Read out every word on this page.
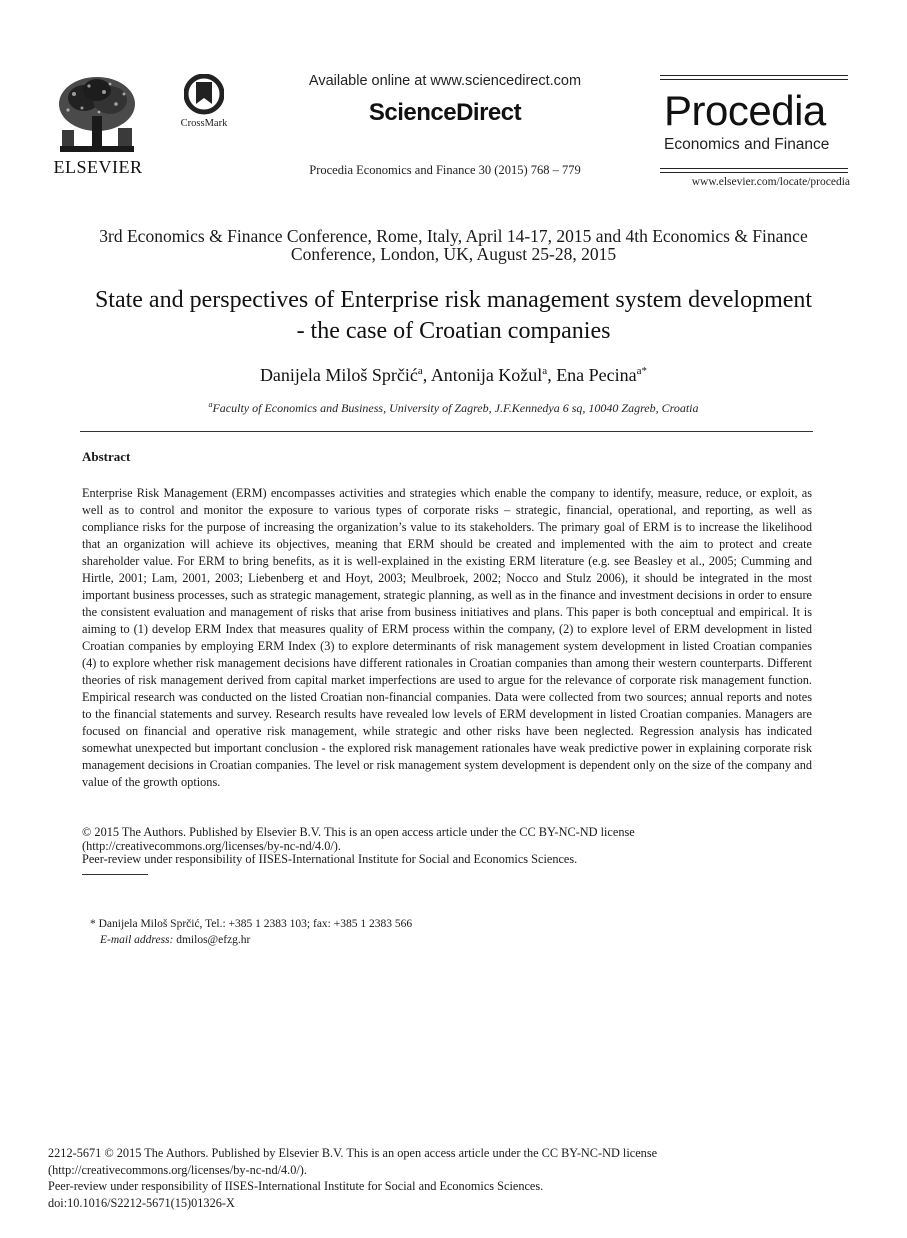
ELSEVIER
CrossMark
Available online at www.sciencedirect.com
ScienceDirect
Procedia Economics and Finance 30 (2015) 768 – 779
Procedia
Economics and Finance
www.elsevier.com/locate/procedia
3rd Economics & Finance Conference, Rome, Italy, April 14-17, 2015 and 4th Economics & Finance Conference, London, UK, August 25-28, 2015
State and perspectives of Enterprise risk management system development - the case of Croatian companies
Danijela Miloš Sprčić$^a$, Antonija Kožul$^a$, Ena Pecina$^{a*}$
$^a$Faculty of Economics and Business, University of Zagreb, J.F.Kennedya 6 sq, 10040 Zagreb, Croatia
Abstract
Enterprise Risk Management (ERM) encompasses activities and strategies which enable the company to identify, measure, reduce, or exploit, as well as to control and monitor the exposure to various types of corporate risks – strategic, financial, operational, and reporting, as well as compliance risks for the purpose of increasing the organization’s value to its stakeholders. The primary goal of ERM is to increase the likelihood that an organization will achieve its objectives, meaning that ERM should be created and implemented with the aim to protect and create shareholder value. For ERM to bring benefits, as it is well-explained in the existing ERM literature (e.g. see Beasley et al., 2005; Cumming and Hirtle, 2001; Lam, 2001, 2003; Liebenberg et and Hoyt, 2003; Meulbroek, 2002; Nocco and Stulz 2006), it should be integrated in the most important business processes, such as strategic management, strategic planning, as well as in the finance and investment decisions in order to ensure the consistent evaluation and management of risks that arise from business initiatives and plans. This paper is both conceptual and empirical. It is aiming to (1) develop ERM Index that measures quality of ERM process within the company, (2) to explore level of ERM development in listed Croatian companies by employing ERM Index (3) to explore determinants of risk management system development in listed Croatian companies (4) to explore whether risk management decisions have different rationales in Croatian companies than among their western counterparts. Different theories of risk management derived from capital market imperfections are used to argue for the relevance of corporate risk management function. Empirical research was conducted on the listed Croatian non-financial companies. Data were collected from two sources; annual reports and notes to the financial statements and survey. Research results have revealed low levels of ERM development in listed Croatian companies. Managers are focused on financial and operative risk management, while strategic and other risks have been neglected. Regression analysis has indicated somewhat unexpected but important conclusion - the explored risk management rationales have weak predictive power in explaining corporate risk management decisions in Croatian companies. The level or risk management system development is dependent only on the size of the company and value of the growth options.
© 2015 The Authors. Published by Elsevier B.V. This is an open access article under the CC BY-NC-ND license
(http://creativecommons.org/licenses/by-nc-nd/4.0/).
Peer-review under responsibility of IISES-International Institute for Social and Economics Sciences.
* Danijela Miloš Sprčić, Tel.: +385 1 2383 103; fax: +385 1 2383 566
E-mail address: dmilos@efzg.hr
2212-5671 © 2015 The Authors. Published by Elsevier B.V. This is an open access article under the CC BY-NC-ND license
(http://creativecommons.org/licenses/by-nc-nd/4.0/).
Peer-review under responsibility of IISES-International Institute for Social and Economics Sciences.
doi:10.1016/S2212-5671(15)01326-X
